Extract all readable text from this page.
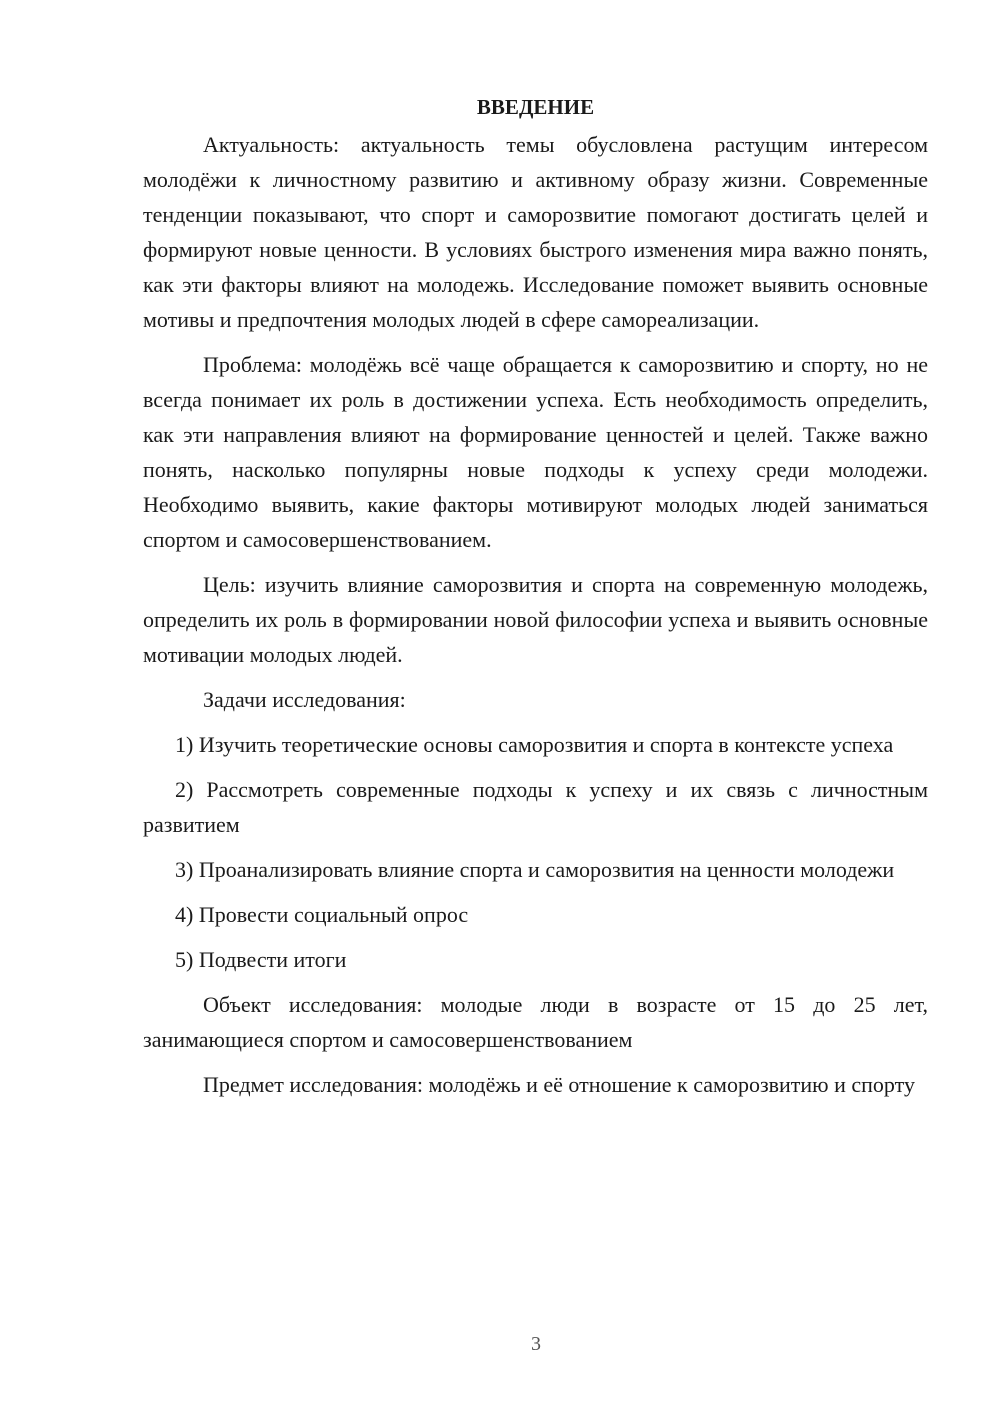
ВВЕДЕНИЕ

Актуальность: актуальность темы обусловлена растущим интересом молодёжи к личностному развитию и активному образу жизни. Современные тенденции показывают, что спорт и саморозвитие помогают достигать целей и формируют новые ценности. В условиях быстрого изменения мира важно понять, как эти факторы влияют на молодежь. Исследование поможет выявить основные мотивы и предпочтения молодых людей в сфере самореализации.

Проблема: молодёжь всё чаще обращается к саморозвитию и спорту, но не всегда понимает их роль в достижении успеха. Есть необходимость определить, как эти направления влияют на формирование ценностей и целей. Также важно понять, насколько популярны новые подходы к успеху среди молодежи. Необходимо выявить, какие факторы мотивируют молодых людей заниматься спортом и самосовершенствованием.

Цель: изучить влияние саморозвития и спорта на современную молодежь, определить их роль в формировании новой философии успеха и выявить основные мотивации молодых людей.

Задачи исследования:

1) Изучить теоретические основы саморозвития и спорта в контексте успеха

2) Рассмотреть современные подходы к успеху и их связь с личностным развитием

3) Проанализировать влияние спорта и саморозвития на ценности молодежи

4) Провести социальный опрос

5) Подвести итоги

Объект исследования: молодые люди в возрасте от 15 до 25 лет, занимающиеся спортом и самосовершенствованием

Предмет исследования: молодёжь и её отношение к саморозвитию и спорту

3
